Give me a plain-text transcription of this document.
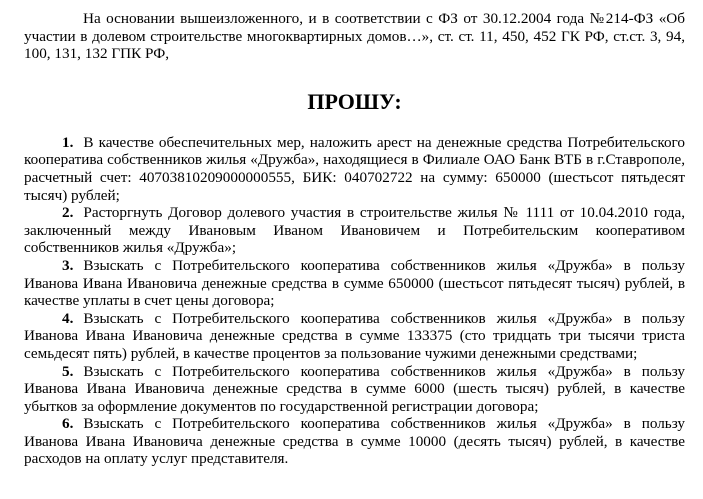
На основании вышеизложенного, и в соответствии с ФЗ от 30.12.2004 года №214-ФЗ «Об участии в долевом строительстве многоквартирных домов…», ст. ст. 11, 450, 452 ГК РФ, ст.ст. 3, 94, 100, 131, 132 ГПК РФ,

ПРОШУ:

1. В качестве обеспечительных мер, наложить арест на денежные средства Потребительского кооператива собственников жилья «Дружба», находящиеся в Филиале ОАО Банк ВТБ в г.Ставрополе, расчетный счет: 40703810209000000555, БИК: 040702722 на сумму: 650000 (шестьсот пятьдесят тысяч) рублей;

2. Расторгнуть Договор долевого участия в строительстве жилья № 1111 от 10.04.2010 года, заключенный между Ивановым Иваном Ивановичем и Потребительским кооперативом собственников жилья «Дружба»;

3. Взыскать с Потребительского кооператива собственников жилья «Дружба» в пользу Иванова Ивана Ивановича денежные средства в сумме 650000 (шестьсот пятьдесят тысяч) рублей, в качестве уплаты в счет цены договора;

4. Взыскать с Потребительского кооператива собственников жилья «Дружба» в пользу Иванова Ивана Ивановича денежные средства в сумме 133375 (сто тридцать три тысячи триста семьдесят пять) рублей, в качестве процентов за пользование чужими денежными средствами;

5. Взыскать с Потребительского кооператива собственников жилья «Дружба» в пользу Иванова Ивана Ивановича денежные средства в сумме 6000 (шесть тысяч) рублей, в качестве убытков за оформление документов по государственной регистрации договора;

6. Взыскать с Потребительского кооператива собственников жилья «Дружба» в пользу Иванова Ивана Ивановича денежные средства в сумме 10000 (десять тысяч) рублей, в качестве расходов на оплату услуг представителя.
